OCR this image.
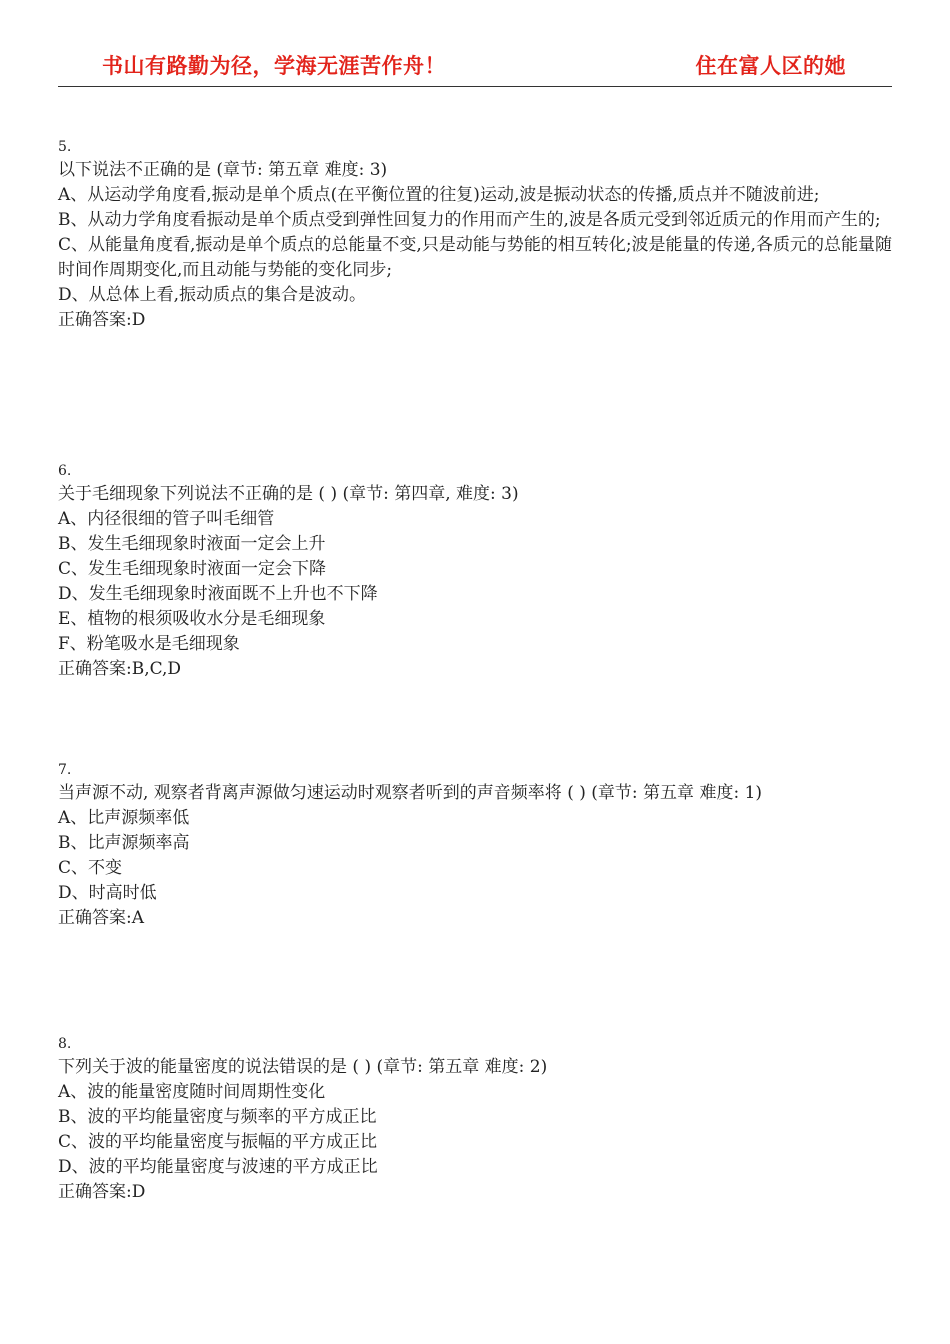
书山有路勤为径，学海无涯苦作舟！	住在富人区的她
5.
以下说法不正确的是 (章节: 第五章 难度: 3)
A、从运动学角度看,振动是单个质点(在平衡位置的往复)运动,波是振动状态的传播,质点并不随波前进;
B、从动力学角度看振动是单个质点受到弹性回复力的作用而产生的,波是各质元受到邻近质元的作用而产生的;
C、从能量角度看,振动是单个质点的总能量不变,只是动能与势能的相互转化;波是能量的传递,各质元的总能量随时间作周期变化,而且动能与势能的变化同步;
D、从总体上看,振动质点的集合是波动。
正确答案:D
6.
关于毛细现象下列说法不正确的是 ( ) (章节: 第四章, 难度: 3)
A、内径很细的管子叫毛细管
B、发生毛细现象时液面一定会上升
C、发生毛细现象时液面一定会下降
D、发生毛细现象时液面既不上升也不下降
E、植物的根须吸收水分是毛细现象
F、粉笔吸水是毛细现象
正确答案:B,C,D
7.
当声源不动, 观察者背离声源做匀速运动时观察者听到的声音频率将 ( ) (章节: 第五章 难度: 1)
A、比声源频率低
B、比声源频率高
C、不变
D、时高时低
正确答案:A
8.
下列关于波的能量密度的说法错误的是 ( ) (章节: 第五章 难度: 2)
A、波的能量密度随时间周期性变化
B、波的平均能量密度与频率的平方成正比
C、波的平均能量密度与振幅的平方成正比
D、波的平均能量密度与波速的平方成正比
正确答案:D
